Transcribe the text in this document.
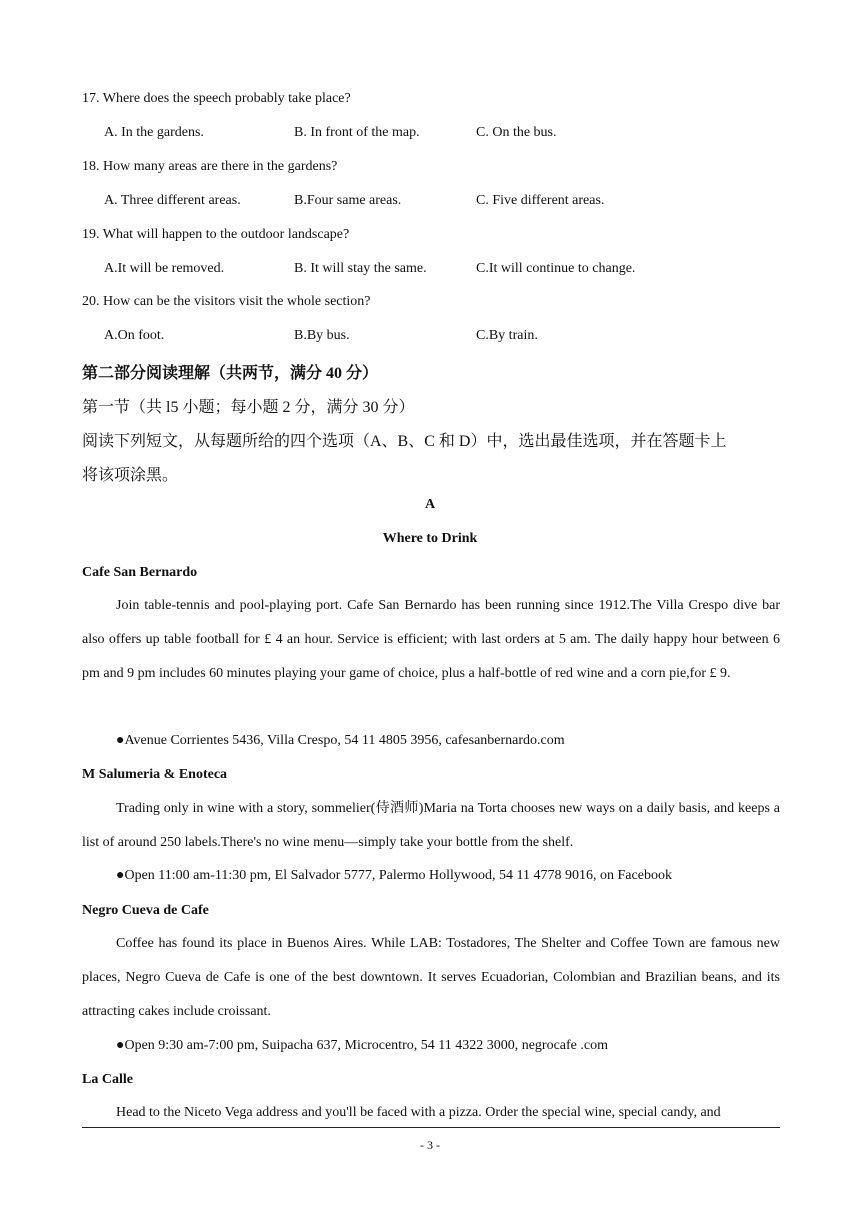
17. Where does the speech probably take place?
A. In the gardens.	B. In front of the map.	C. On the bus.
18. How many areas are there in the gardens?
A. Three different areas.	B.Four same areas.	C. Five different areas.
19. What will happen to the outdoor landscape?
A.It will be removed.	B. It will stay the same.	C.It will continue to change.
20. How can be the visitors visit the whole section?
A.On foot.	B.By bus.	C.By train.
第二部分阅读理解（共两节，满分 40 分）
第一节（共 l5 小题；每小题 2 分，满分 30 分）
阅读下列短文，从每题所给的四个选项（A、B、C 和 D）中，选出最佳选项，并在答题卡上
将该项涂黑。
A
Where to Drink
Cafe San Bernardo

Join table-tennis and pool-playing port. Cafe San Bernardo has been running since 1912.The Villa Crespo dive bar also offers up table football for £ 4 an hour. Service is efficient; with last orders at 5 am. The daily happy hour between 6 pm and 9 pm includes 60 minutes playing your game of choice, plus a half-bottle of red wine and a corn pie,for £ 9.

●Avenue Corrientes 5436, Villa Crespo, 54 11 4805 3956, cafesanbernardo.com
M Salumeria & Enoteca

Trading only in wine with a story, sommelier(侍酒师)Maria na Torta chooses new ways on a daily basis, and keeps a list of around 250 labels.There's no wine menu—simply take your bottle from the shelf.

●Open 11:00 am-11:30 pm, El Salvador 5777, Palermo Hollywood, 54 11 4778 9016, on Facebook
Negro Cueva de Cafe

Coffee has found its place in Buenos Aires. While LAB: Tostadores, The Shelter and Coffee Town are famous new places, Negro Cueva de Cafe is one of the best downtown. It serves Ecuadorian, Colombian and Brazilian beans, and its attracting cakes include croissant.

●Open 9:30 am-7:00 pm, Suipacha 637, Microcentro, 54 11 4322 3000, negrocafe .com
La Calle

Head to the Niceto Vega address and you'll be faced with a pizza. Order the special wine, special candy, and

- 3 -
